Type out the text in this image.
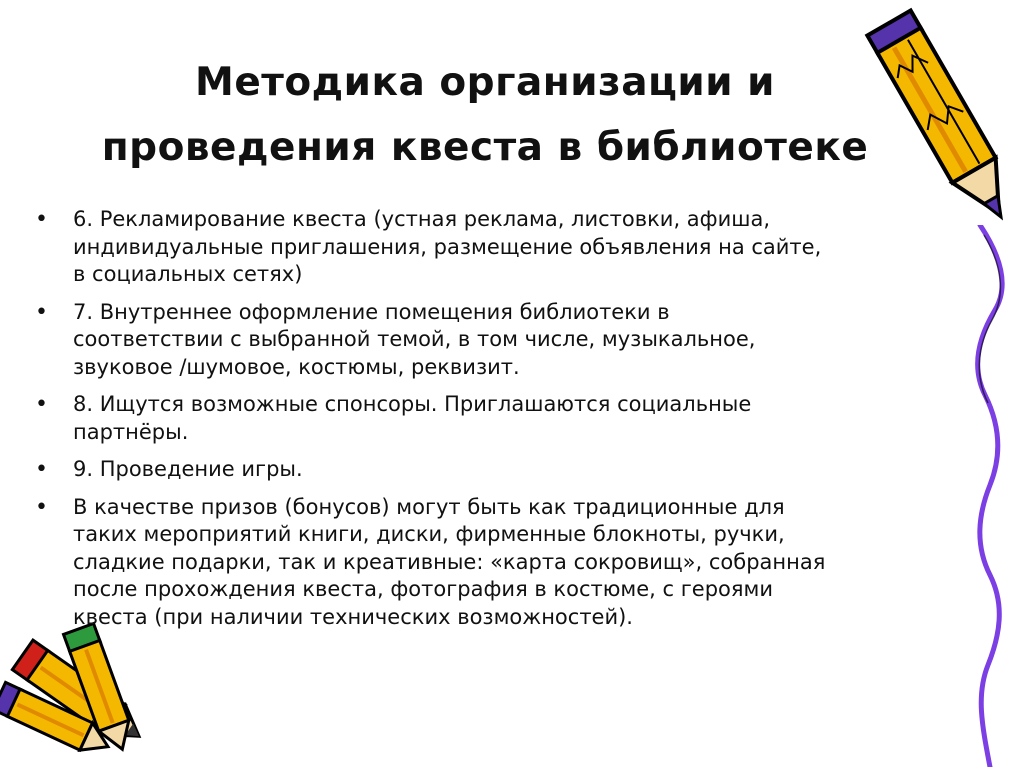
Методика организации и
проведения квеста в библиотеке
•	6. Рекламирование квеста (устная реклама, листовки, афиша,
индивидуальные приглашения, размещение объявления на сайте,
в социальных сетях)
•	7. Внутреннее оформление помещения библиотеки в
соответствии с выбранной темой, в том числе, музыкальное,
звуковое /шумовое, костюмы, реквизит.
•	8. Ищутся возможные спонсоры. Приглашаются социальные
партнёры.
•	9. Проведение игры.
•	В качестве призов (бонусов) могут быть как традиционные для
таких мероприятий книги, диски, фирменные блокноты, ручки,
сладкие подарки, так и креативные: «карта сокровищ», собранная
после прохождения квеста, фотография в костюме, с героями
квеста (при наличии технических возможностей).
